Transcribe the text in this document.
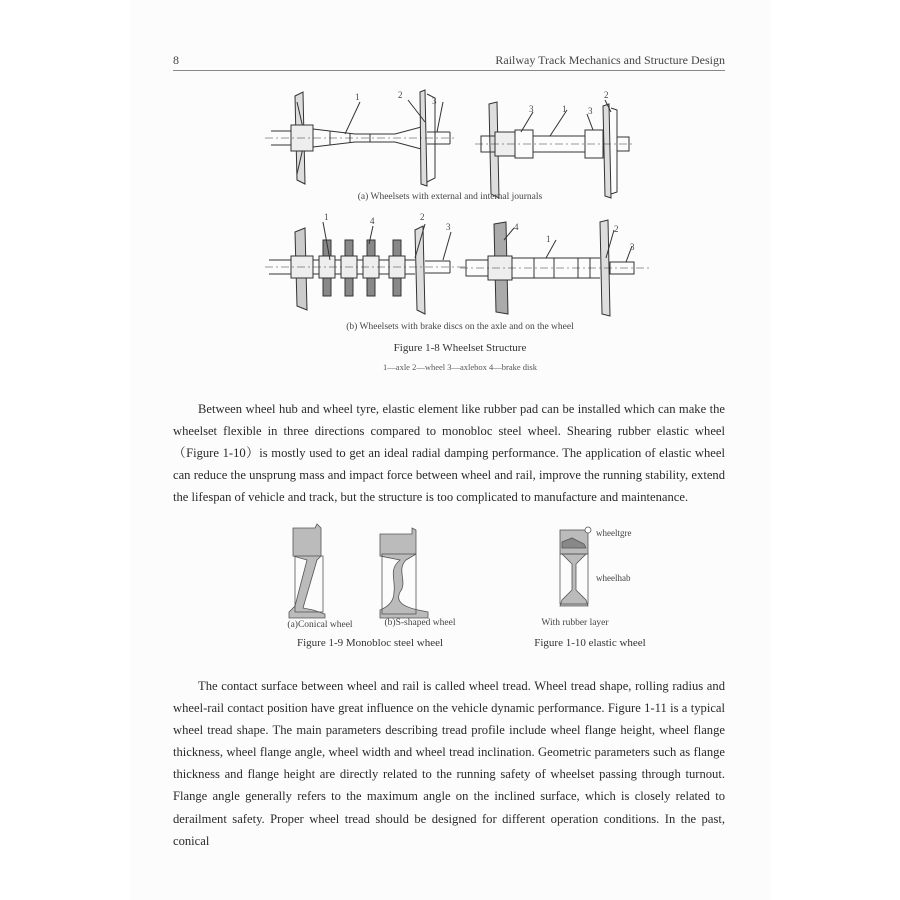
8	Railway Track Mechanics and Structure Design
1	2
3
3	1 3
2
(a) Wheelsets with external and internal journals
1	4	2
3	4
1
2
3
(b) Wheelsets with brake discs on the axle and on the wheel
Figure 1-8 Wheelset Structure
1—axle 2—wheel 3—axlebox 4—brake disk

Between wheel hub and wheel tyre, elastic element like rubber pad can be installed which can make the wheelset flexible in three directions compared to monobloc steel wheel. Shearing rubber elastic wheel（Figure 1-10）is mostly used to get an ideal radial damping performance. The application of elastic wheel can reduce the unsprung mass and impact force between wheel and rail, improve the running stability, extend the lifespan of vehicle and track, but the structure is too complicated to manufacture and maintenance.

(a)Conical wheel	(b)S-shaped wheel
Figure 1-9 Monobloc steel wheel
wheeltgre
wheelhab
With rubber layer
Figure 1-10 elastic wheel

The contact surface between wheel and rail is called wheel tread. Wheel tread shape, rolling radius and wheel-rail contact position have great influence on the vehicle dynamic performance. Figure 1-11 is a typical wheel tread shape. The main parameters describing tread profile include wheel flange height, wheel flange thickness, wheel flange angle, wheel width and wheel tread inclination. Geometric parameters such as flange thickness and flange height are directly related to the running safety of wheelset passing through turnout. Flange angle generally refers to the maximum angle on the inclined surface, which is closely related to derailment safety. Proper wheel tread should be designed for different operation conditions. In the past, conical
